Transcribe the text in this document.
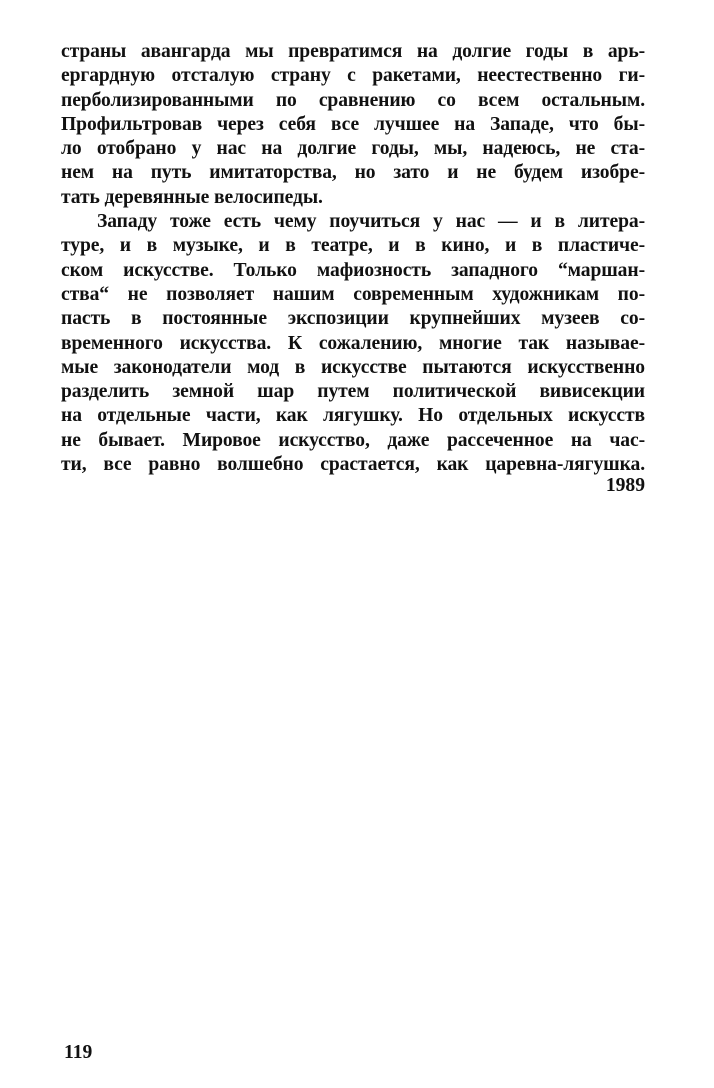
страны авангарда мы превратимся на долгие годы в арь-
ергардную отсталую страну с ракетами, неестественно ги-
перболизированными по сравнению со всем остальным.
Профильтровав через себя все лучшее на Западе, что бы-
ло отобрано у нас на долгие годы, мы, надеюсь, не ста-
нем на путь имитаторства, но зато и не будем изобре-
тать деревянные велосипеды.
Западу тоже есть чему поучиться у нас — и в литера-
туре, и в музыке, и в театре, и в кино, и в пластиче-
ском искусстве. Только мафиозность западного “маршан-
ства“ не позволяет нашим современным художникам по-
пасть в постоянные экспозиции крупнейших музеев со-
временного искусства. К сожалению, многие так называе-
мые законодатели мод в искусстве пытаются искусственно
разделить земной шар путем политической вивисекции
на отдельные части, как лягушку. Но отдельных искусств
не бывает. Мировое искусство, даже рассеченное на час-
ти, все равно волшебно срастается, как царевна-лягушка.
1989
119
